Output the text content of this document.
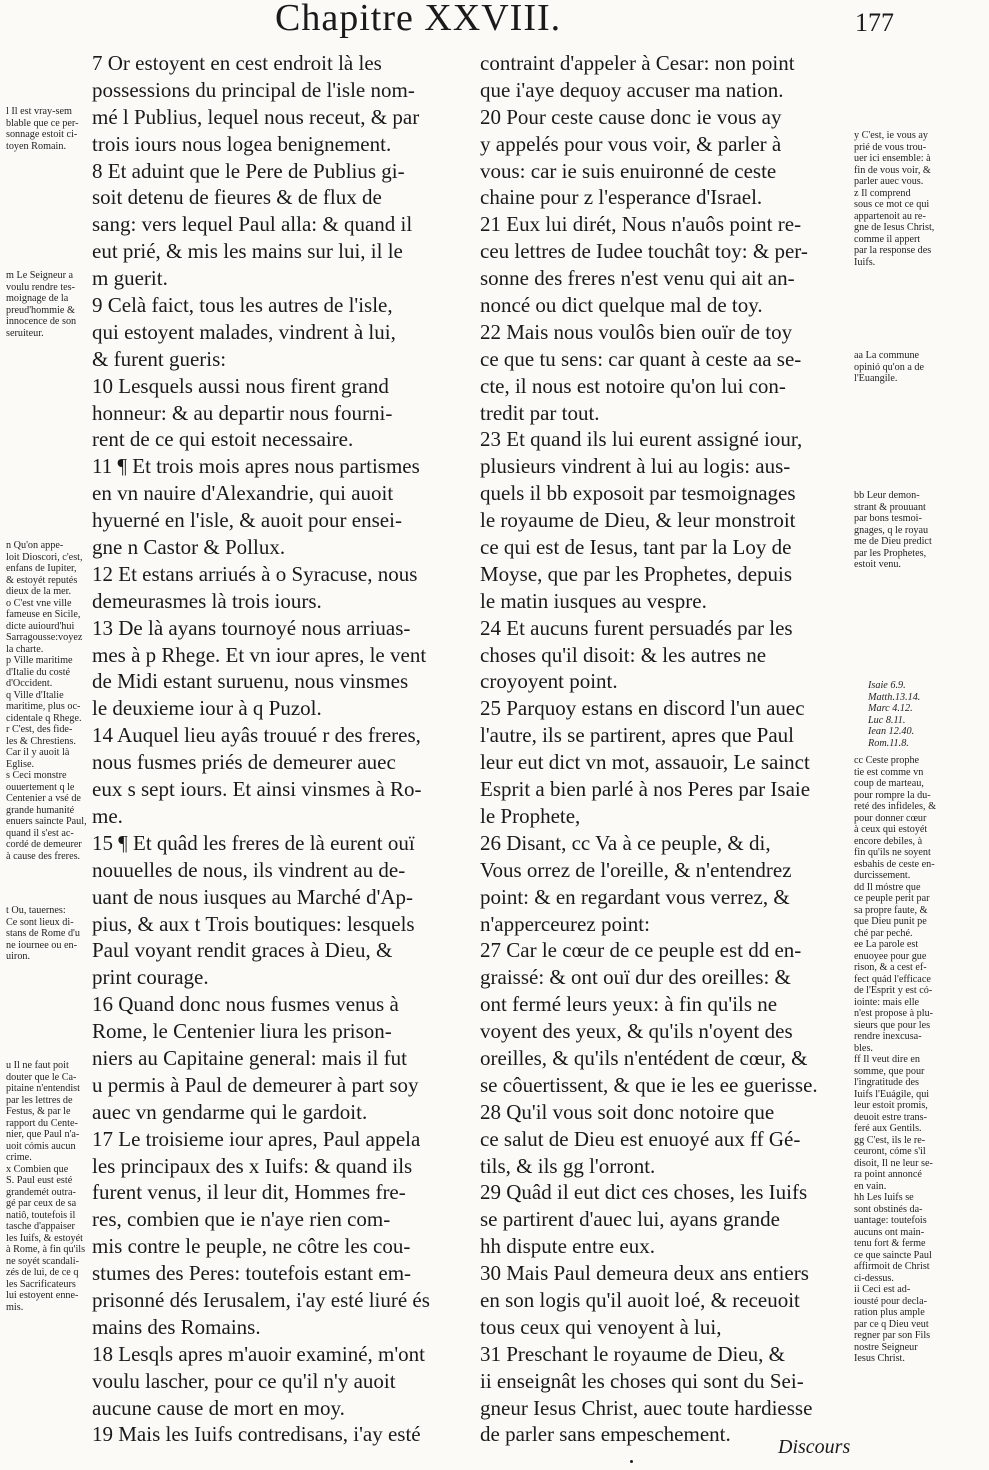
Chapitre XXVIII.	177
l Il est vray-sem
blable que ce per-
sonnage estoit ci-
toyen Romain.
m Le Seigneur a
voulu rendre tes-
moignage de la
preud'hommie &
innocence de son
seruiteur.
n Qu'on appe-
loit Dioscori, c'est,
enfans de Iupiter,
& estoyét reputés
dieux de la mer.
o C'est vne ville
fameuse en Sicile,
dicte auiourd'hui
Sarragousse:voyez
la charte.
p Ville maritime
d'Italie du costé
d'Occident.
q Ville d'Italie
maritime, plus oc-
cidentale q Rhege.
r C'est, des fide-
les & Chrestiens.
Car il y auoit là
Eglise.
s Ceci monstre
ouuertement q le
Centenier a vsé de
grande humanité
enuers saincte Paul,
quand il s'est ac-
cordé de demeurer
à cause des freres.
t Ou, tauernes:
Ce sont lieux di-
stans de Rome d'u
ne iournee ou en-
uiron.
u Il ne faut poit
douter que le Ca-
pitaine n'entendist
par les lettres de
Festus, & par le
rapport du Cente-
nier, que Paul n'a-
uoit cómis aucun
crime.
x Combien que
S. Paul eust esté
grandemét outra-
gé par ceux de sa
natiô, toutefois il
tasche d'appaiser
les Iuifs, & estoyét
à Rome, à fin qu'ils
ne soyét scandali-
zés de lui, de ce q
les Sacrificateurs
lui estoyent enne-
mis.
7 Or estoyent en cest endroit là les
possessions du principal de l'isle nom-
mé l Publius, lequel nous receut, & par
trois iours nous logea benignement.
8 Et aduint que le Pere de Publius gi-
soit detenu de fieures & de flux de
sang: vers lequel Paul alla: & quand il
eut prié, & mis les mains sur lui, il le
m guerit.
9 Celà faict, tous les autres de l'isle,
qui estoyent malades, vindrent à lui,
& furent gueris:
10 Lesquels aussi nous firent grand
honneur: & au departir nous fourni-
rent de ce qui estoit necessaire.
11 ¶ Et trois mois apres nous partismes
en vn nauire d'Alexandrie, qui auoit
hyuerné en l'isle, & auoit pour ensei-
gne n Castor & Pollux.
12 Et estans arriués à o Syracuse, nous
demeurasmes là trois iours.
13 De là ayans tournoyé nous arriuas-
mes à p Rhege. Et vn iour apres, le vent
de Midi estant suruenu, nous vinsmes
le deuxieme iour à q Puzol.
14 Auquel lieu ayâs trouué r des freres,
nous fusmes priés de demeurer auec
eux s sept iours. Et ainsi vinsmes à Ro-
me.
15 ¶ Et quâd les freres de là eurent ouï
nouuelles de nous, ils vindrent au de-
uant de nous iusques au Marché d'Ap-
pius, & aux t Trois boutiques: lesquels
Paul voyant rendit graces à Dieu, &
print courage.
16 Quand donc nous fusmes venus à
Rome, le Centenier liura les prison-
niers au Capitaine general: mais il fut
u permis à Paul de demeurer à part soy
auec vn gendarme qui le gardoit.
17 Le troisieme iour apres, Paul appela
les principaux des x Iuifs: & quand ils
furent venus, il leur dit, Hommes fre-
res, combien que ie n'aye rien com-
mis contre le peuple, ne côtre les cou-
stumes des Peres: toutefois estant em-
prisonné dés Ierusalem, i'ay esté liuré és
mains des Romains.
18 Lesqls apres m'auoir examiné, m'ont
voulu lascher, pour ce qu'il n'y auoit
aucune cause de mort en moy.
19 Mais les Iuifs contredisans, i'ay esté
contraint d'appeler à Cesar: non point
que i'aye dequoy accuser ma nation.
20 Pour ceste cause donc ie vous ay
y appelés pour vous voir, & parler à
vous: car ie suis enuironné de ceste
chaine pour z l'esperance d'Israel.
21 Eux lui dirét, Nous n'auôs point re-
ceu lettres de Iudee touchât toy: & per-
sonne des freres n'est venu qui ait an-
noncé ou dict quelque mal de toy.
22 Mais nous voulôs bien ouïr de toy
ce que tu sens: car quant à ceste aa se-
cte, il nous est notoire qu'on lui con-
tredit par tout.
23 Et quand ils lui eurent assigné iour,
plusieurs vindrent à lui au logis: aus-
quels il bb exposoit par tesmoignages
le royaume de Dieu, & leur monstroit
ce qui est de Iesus, tant par la Loy de
Moyse, que par les Prophetes, depuis
le matin iusques au vespre.
24 Et aucuns furent persuadés par les
choses qu'il disoit: & les autres ne
croyoyent point.
25 Parquoy estans en discord l'un auec
l'autre, ils se partirent, apres que Paul
leur eut dict vn mot, assauoir, Le sainct
Esprit a bien parlé à nos Peres par Isaie
le Prophete,
26 Disant, cc Va à ce peuple, & di,
Vous orrez de l'oreille, & n'entendrez
point: & en regardant vous verrez, &
n'apperceurez point:
27 Car le cœur de ce peuple est dd en-
graissé: & ont ouï dur des oreilles: &
ont fermé leurs yeux: à fin qu'ils ne
voyent des yeux, & qu'ils n'oyent des
oreilles, & qu'ils n'entédent de cœur, &
se côuertissent, & que ie les ee guerisse.
28 Qu'il vous soit donc notoire que
ce salut de Dieu est enuoyé aux ff Gé-
tils, & ils gg l'orront.
29 Quâd il eut dict ces choses, les Iuifs
se partirent d'auec lui, ayans grande
hh dispute entre eux.
30 Mais Paul demeura deux ans entiers
en son logis qu'il auoit loé, & receuoit
tous ceux qui venoyent à lui,
31 Preschant le royaume de Dieu, &
ii enseignât les choses qui sont du Sei-
gneur Iesus Christ, auec toute hardiesse
de parler sans empeschement.
y C'est, ie vous ay
prié de vous trou-
uer ici ensemble: à
fin de vous voir, &
parler auec vous.
z Il comprend
sous ce mot ce qui
appartenoit au re-
gne de Iesus Christ,
comme il appert
par la response des
Iuifs.
aa La commune
opinió qu'on a de
l'Euangile.
bb Leur demon-
strant & prouuant
par bons tesmoi-
gnages, q le royau
me de Dieu predict
par les Prophetes,
estoit venu.
Isaie 6.9.
Matth.13.14.
Marc 4.12.
Luc 8.11.
Iean 12.40.
Rom.11.8.
cc Ceste prophe
tie est comme vn
coup de marteau,
pour rompre la du-
reté des infideles, &
pour donner cœur
à ceux qui estoyét
encore debiles, à
fin qu'ils ne soyent
esbahis de ceste en-
durcissement.
dd Il móstre que
ce peuple perit par
sa propre faute, &
que Dieu punit pe
ché par peché.
ee La parole est
enuoyee pour gue
rison, & a cest ef-
fect quád l'efficace
de l'Esprit y est có-
iointe: mais elle
n'est propose à plu-
sieurs que pour les
rendre inexcusa-
bles.
ff Il veut dire en
somme, que pour
l'ingratitude des
Iuifs l'Euágile, qui
leur estoit promis,
deuoit estre trans-
feré aux Gentils.
gg C'est, ils le re-
ceuront, cóme s'il
disoit, Il ne leur se-
ra point annoncé
en vain.
hh Les Iuifs se
sont obstinés da-
uantage: toutefois
aucuns ont main-
tenu fort & ferme
ce que saincte Paul
affirmoit de Christ
ci-dessus.
ii Ceci est ad-
iousté pour decla-
ration plus ample
par ce q Dieu veut
regner par son Fils
nostre Seigneur
Iesus Christ.
Discours
